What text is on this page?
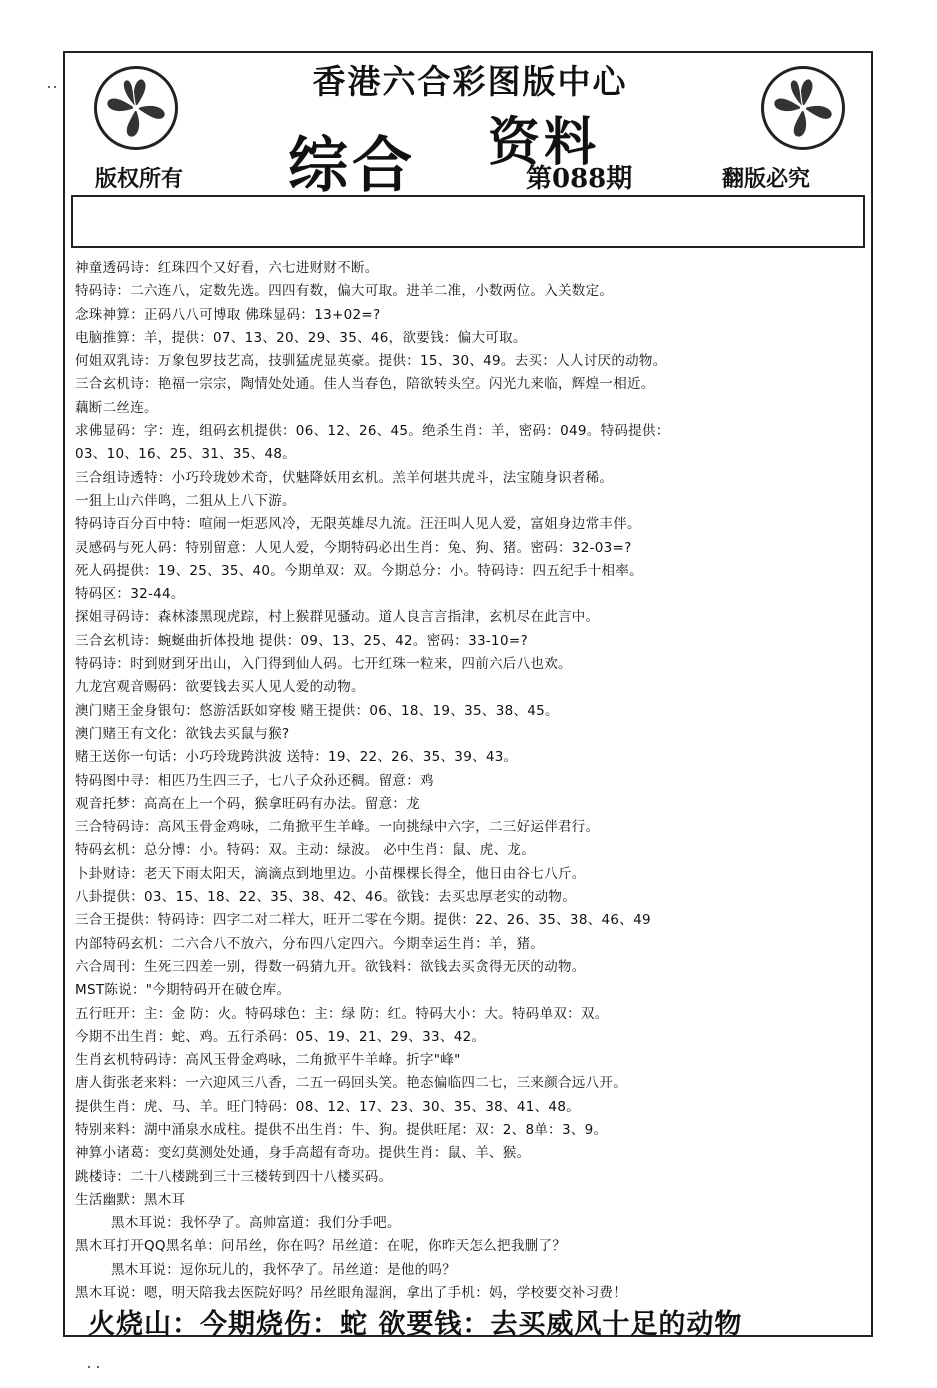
香港六合彩图版中心
综合 资料
第088期
版权所有	翻版必究
神童透码诗：红珠四个又好看，六七进财财不断。
特码诗：二六连八，定数先选。四四有数，偏大可取。进羊二准，小数两位。入关数定。
念珠神算：正码八八可博取 佛珠显码：13+02=?
电脑推算：羊，提供：07、13、20、29、35、46，欲要钱：偏大可取。
何姐双乳诗：万象包罗技艺高，技驯猛虎显英豪。提供：15、30、49。去买：人人讨厌的动物。
三合玄机诗：艳福一宗宗，陶情处处通。佳人当春色，陪欲转头空。闪光九来临，辉煌一相近。
藕断二丝连。
求佛显码：字：连，组码玄机提供：06、12、26、45。绝杀生肖：羊，密码：049。特码提供：
03、10、16、25、31、35、48。
三合组诗透特：小巧玲珑妙术奇，伏魅降妖用玄机。羔羊何堪共虎斗，法宝随身识者稀。
一狙上山六伴鸣，二狙从上八下游。
特码诗百分百中特：喧闹一炬恶风冷，无限英雄尽九流。汪汪叫人见人爱，富姐身边常丰伴。
灵感码与死人码：特别留意：人见人爱，今期特码必出生肖：兔、狗、猪。密码：32-03=?
死人码提供：19、25、35、40。今期单双：双。今期总分：小。特码诗：四五纪手十相率。
特码区：32-44。
探姐寻码诗：森林漆黑现虎踪，村上猴群见骚动。道人良言言指津，玄机尽在此言中。
三合玄机诗：蜿蜒曲折体投地 提供：09、13、25、42。密码：33-10=?
特码诗：时到财到牙出山，入门得到仙人码。七开红珠一粒来，四前六后八也欢。
九龙宫观音赐码：欲要钱去买人见人爱的动物。
澳门赌王金身银句：悠游活跃如穿梭 赌王提供：06、18、19、35、38、45。
澳门赌王有文化：欲钱去买鼠与猴?
赌王送你一句话：小巧玲珑跨洪波 送特：19、22、26、35、39、43。
特码图中寻：相匹乃生四三子，七八子众孙还稠。留意：鸡
观音托梦：高高在上一个码，猴拿旺码有办法。留意：龙
三合特码诗：高风玉骨金鸡咏，二角掀平生羊峰。一向挑绿中六字，二三好运伴君行。
特码玄机：总分博：小。特码：双。主动：绿波。 必中生肖：鼠、虎、龙。
卜卦财诗：老天下雨太阳天，滴滴点到地里边。小苗棵棵长得全，他日由谷七八斤。
八卦提供：03、15、18、22、35、38、42、46。欲钱：去买忠厚老实的动物。
三合王提供：特码诗：四字二对二样大，旺开二零在今期。提供：22、26、35、38、46、49
内部特码玄机：二六合八不放六，分布四八定四六。今期幸运生肖：羊，猪。
六合周刊：生死三四差一别，得数一码猜九开。欲钱料：欲钱去买贪得无厌的动物。
MST陈说："今期特码开在破仓库。
五行旺开：主：金 防：火。特码球色：主：绿 防：红。特码大小：大。特码单双：双。
今期不出生肖：蛇、鸡。五行杀码：05、19、21、29、33、42。
生肖玄机特码诗：高风玉骨金鸡咏，二角掀平牛羊峰。折字"峰"
唐人街张老来料：一六迎风三八香，二五一码回头笑。艳态偏临四二七，三来颜合远八开。
提供生肖：虎、马、羊。旺门特码：08、12、17、23、30、35、38、41、48。
特别来料：湖中涌泉水成柱。提供不出生肖：牛、狗。提供旺尾：双：2、8单：3、9。
神算小诸葛：变幻莫测处处通，身手高超有奇功。提供生肖：鼠、羊、猴。
跳楼诗：二十八楼跳到三十三楼转到四十八楼买码。
生活幽默：黑木耳
黑木耳说：我怀孕了。高帅富道：我们分手吧。
黑木耳打开QQ黑名单：问吊丝，你在吗？吊丝道：在呢，你昨天怎么把我删了？
黑木耳说：逗你玩儿的，我怀孕了。吊丝道：是他的吗？
黑木耳说：嗯，明天陪我去医院好吗？吊丝眼角湿润，拿出了手机：妈，学校要交补习费！
火烧山：今期烧伤：蛇 欲要钱：去买威风十足的动物
